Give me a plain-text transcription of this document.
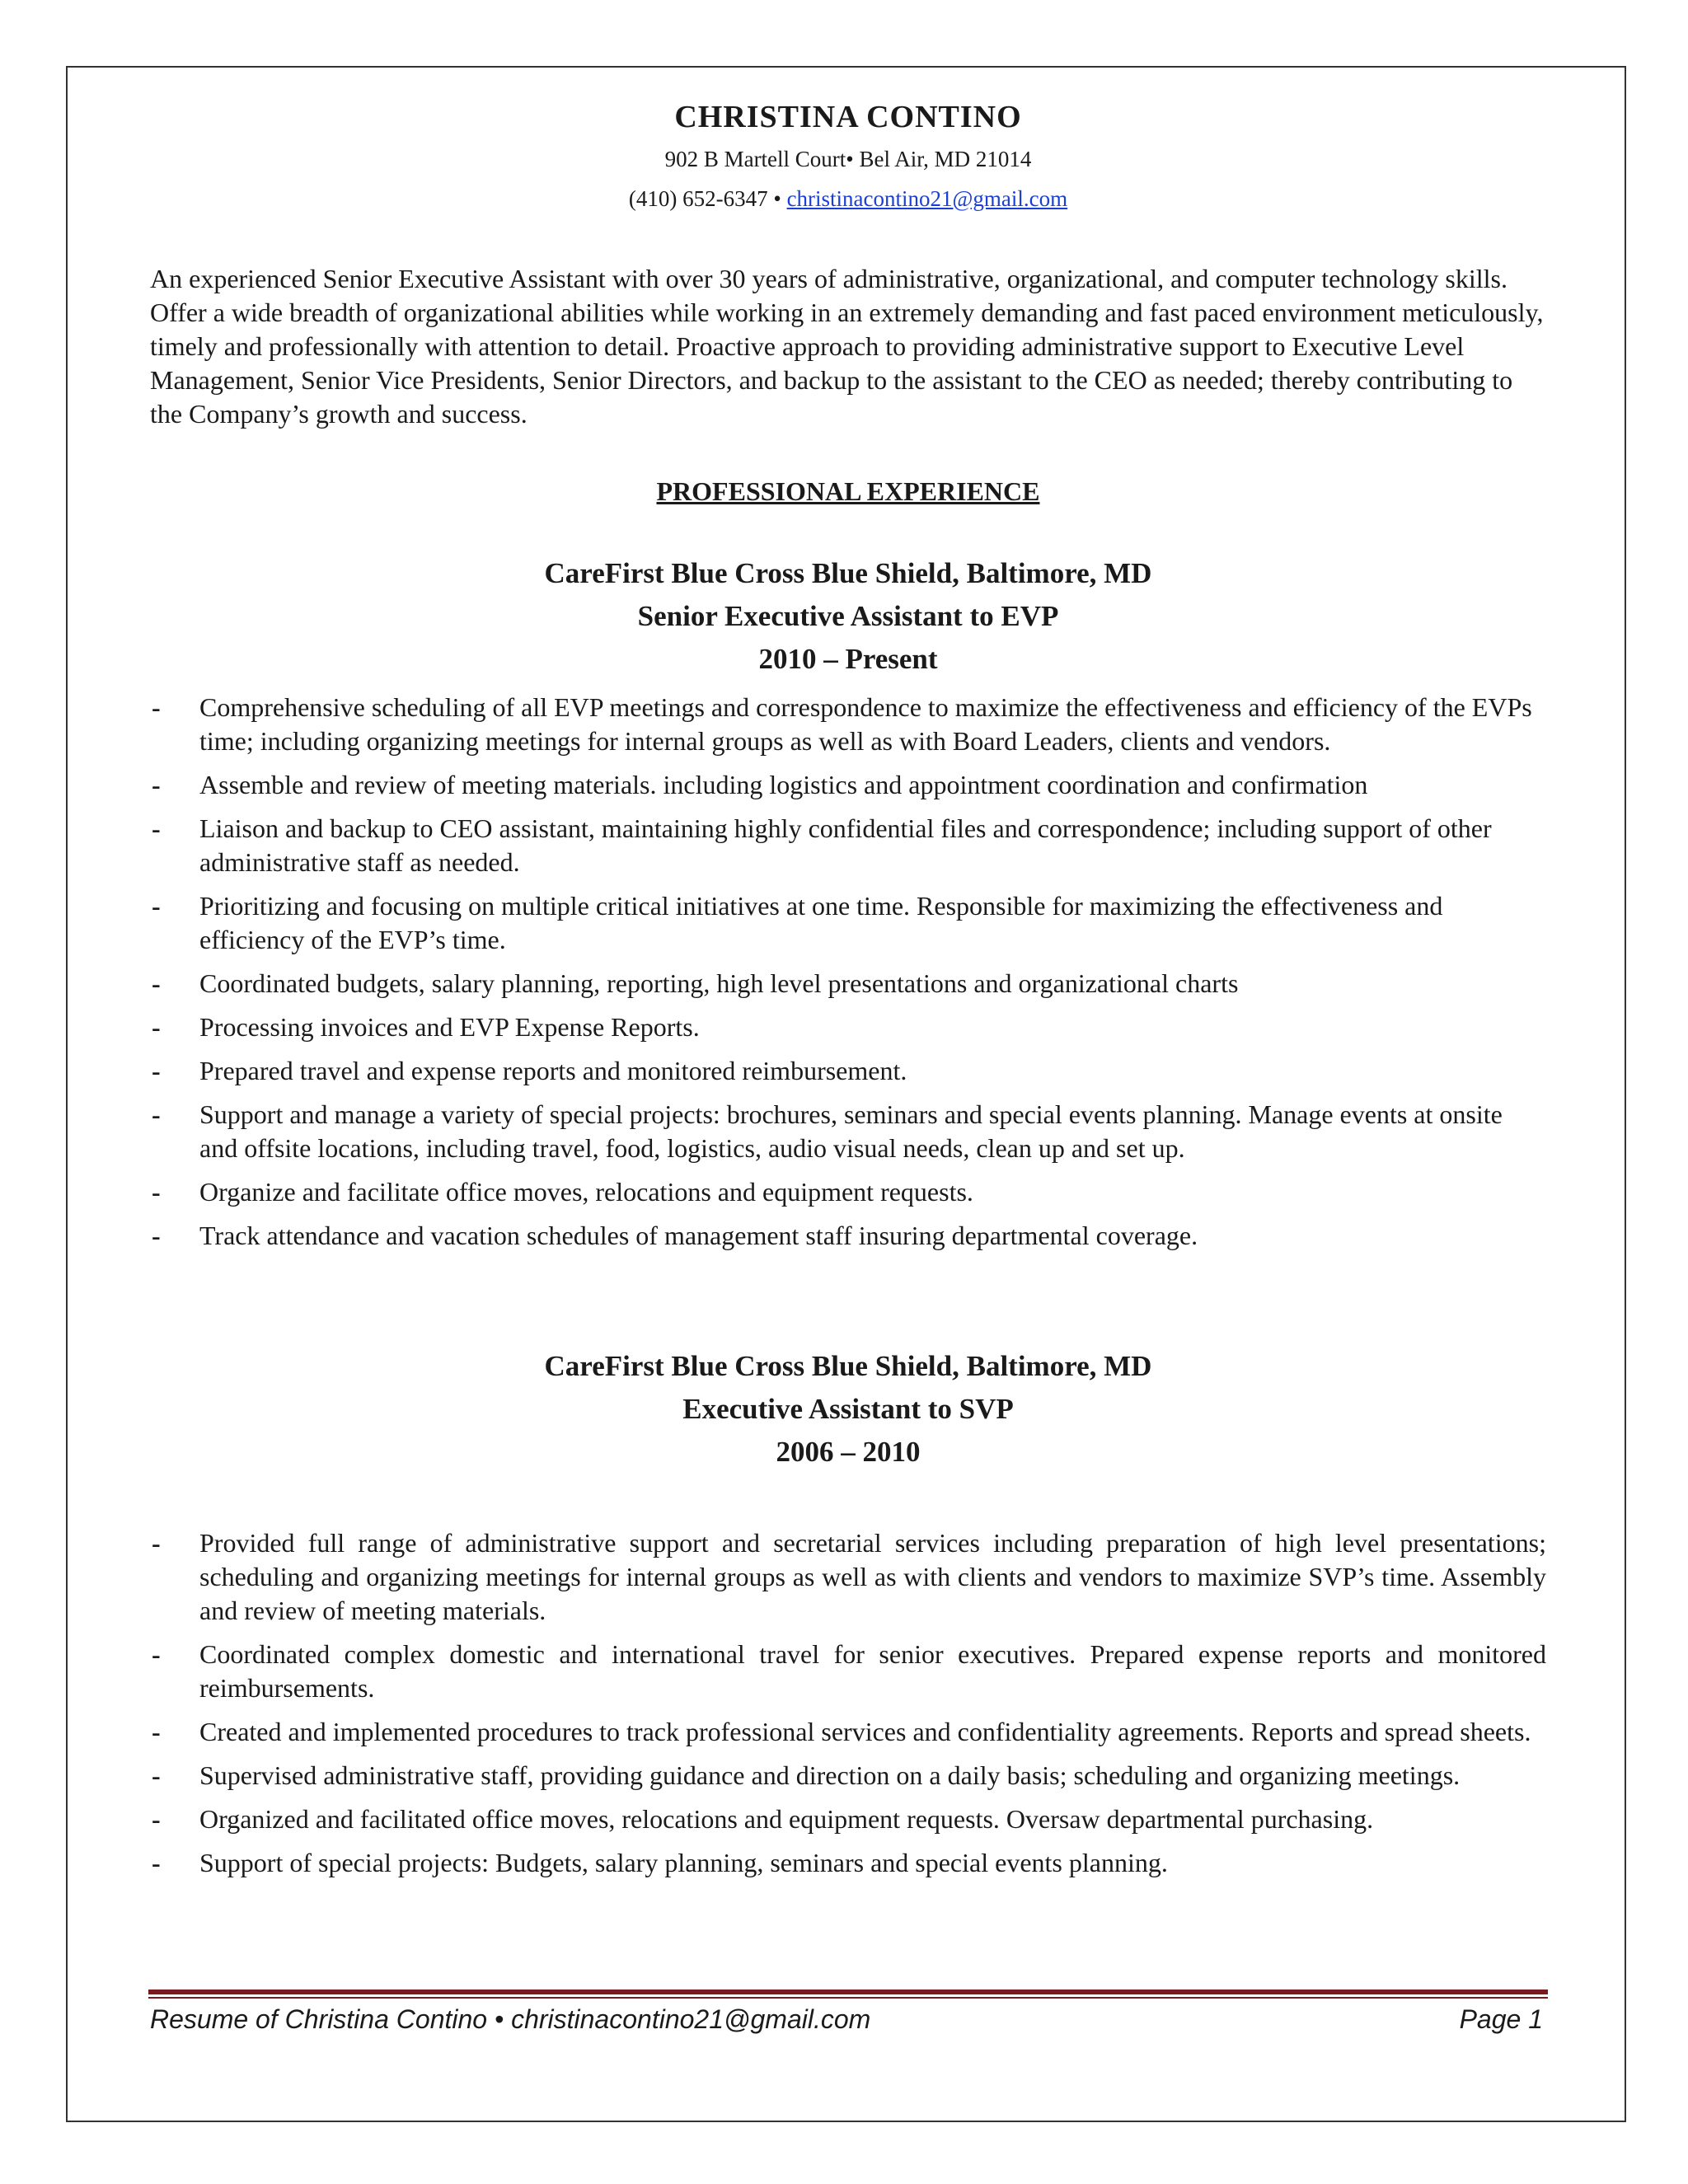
CHRISTINA CONTINO
902 B Martell Court• Bel Air, MD 21014
(410) 652-6347 • christinacontino21@gmail.com
An experienced Senior Executive Assistant with over 30 years of administrative, organizational, and computer technology skills. Offer a wide breadth of organizational abilities while working in an extremely demanding and fast paced environment meticulously, timely and professionally with attention to detail. Proactive approach to providing administrative support to Executive Level Management, Senior Vice Presidents, Senior Directors, and backup to the assistant to the CEO as needed; thereby contributing to the Company’s growth and success.
PROFESSIONAL EXPERIENCE
CareFirst Blue Cross Blue Shield, Baltimore, MD
Senior Executive Assistant to EVP
2010 – Present
- Comprehensive scheduling of all EVP meetings and correspondence to maximize the effectiveness and efficiency of the EVPs time; including organizing meetings for internal groups as well as with Board Leaders, clients and vendors.
- Assemble and review of meeting materials. including logistics and appointment coordination and confirmation
- Liaison and backup to CEO assistant, maintaining highly confidential files and correspondence; including support of other administrative staff as needed.
- Prioritizing and focusing on multiple critical initiatives at one time. Responsible for maximizing the effectiveness and efficiency of the EVP’s time.
- Coordinated budgets, salary planning, reporting, high level presentations and organizational charts
- Processing invoices and EVP Expense Reports.
- Prepared travel and expense reports and monitored reimbursement.
- Support and manage a variety of special projects: brochures, seminars and special events planning. Manage events at onsite and offsite locations, including travel, food, logistics, audio visual needs, clean up and set up.
- Organize and facilitate office moves, relocations and equipment requests.
- Track attendance and vacation schedules of management staff insuring departmental coverage.
CareFirst Blue Cross Blue Shield, Baltimore, MD
Executive Assistant to SVP
2006 – 2010
- Provided full range of administrative support and secretarial services including preparation of high level presentations; scheduling and organizing meetings for internal groups as well as with clients and vendors to maximize SVP’s time. Assembly and review of meeting materials.
- Coordinated complex domestic and international travel for senior executives. Prepared expense reports and monitored reimbursements.
- Created and implemented procedures to track professional services and confidentiality agreements. Reports and spread sheets.
- Supervised administrative staff, providing guidance and direction on a daily basis; scheduling and organizing meetings.
- Organized and facilitated office moves, relocations and equipment requests. Oversaw departmental purchasing.
- Support of special projects: Budgets, salary planning, seminars and special events planning.
Resume of Christina Contino • christinacontino21@gmail.com	Page 1
